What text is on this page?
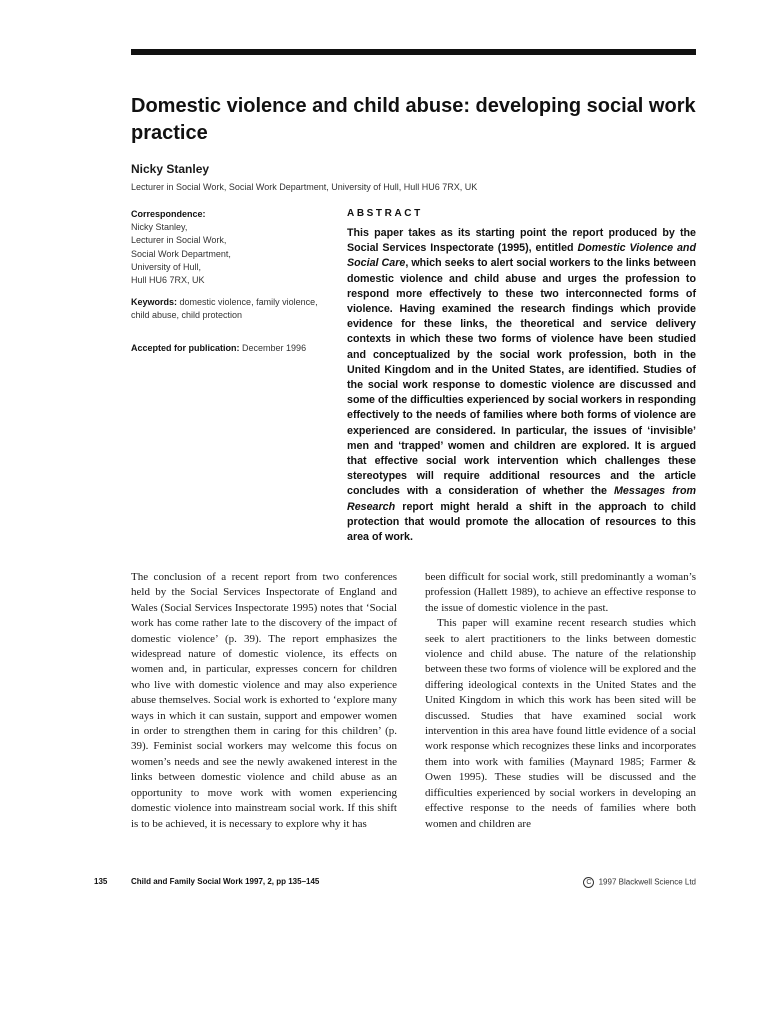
Domestic violence and child abuse: developing social work practice
Nicky Stanley
Lecturer in Social Work, Social Work Department, University of Hull, Hull HU6 7RX, UK
Correspondence:
Nicky Stanley,
Lecturer in Social Work,
Social Work Department,
University of Hull,
Hull HU6 7RX, UK
Keywords: domestic violence, family violence, child abuse, child protection
Accepted for publication: December 1996
ABSTRACT

This paper takes as its starting point the report produced by the Social Services Inspectorate (1995), entitled Domestic Violence and Social Care, which seeks to alert social workers to the links between domestic violence and child abuse and urges the profession to respond more effectively to these two interconnected forms of violence. Having examined the research findings which provide evidence for these links, the theoretical and service delivery contexts in which these two forms of violence have been studied and conceptualized by the social work profession, both in the United Kingdom and in the United States, are identified. Studies of the social work response to domestic violence are discussed and some of the difficulties experienced by social workers in responding effectively to the needs of families where both forms of violence are experienced are considered. In particular, the issues of ‘invisible’ men and ‘trapped’ women and children are explored. It is argued that effective social work intervention which challenges these stereotypes will require additional resources and the article concludes with a consideration of whether the Messages from Research report might herald a shift in the approach to child protection that would promote the allocation of resources to this area of work.

The conclusion of a recent report from two conferences held by the Social Services Inspectorate of England and Wales (Social Services Inspectorate 1995) notes that ‘Social work has come rather late to the discovery of the impact of domestic violence’ (p. 39). The report emphasizes the widespread nature of domestic violence, its effects on women and, in particular, expresses concern for children who live with domestic violence and may also experience abuse themselves. Social work is exhorted to ‘explore many ways in which it can sustain, support and empower women in order to strengthen them in caring for this children’ (p. 39). Feminist social workers may welcome this focus on women’s needs and see the newly awakened interest in the links between domestic violence and child abuse as an opportunity to move work with women experiencing domestic violence into mainstream social work. If this shift is to be achieved, it is necessary to explore why it has

been difficult for social work, still predominantly a woman’s profession (Hallett 1989), to achieve an effective response to the issue of domestic violence in the past.
This paper will examine recent research studies which seek to alert practitioners to the links between domestic violence and child abuse. The nature of the relationship between these two forms of violence will be explored and the differing ideological contexts in the United States and the United Kingdom in which this work has been sited will be discussed. Studies that have examined social work intervention in this area have found little evidence of a social work response which recognizes these links and incorporates them into work with families (Maynard 1985; Farmer & Owen 1995). These studies will be discussed and the difficulties experienced by social workers in developing an effective response to the needs of families where both women and children are
135	Child and Family Social Work 1997, 2, pp 135–145	C 1997 Blackwell Science Ltd
